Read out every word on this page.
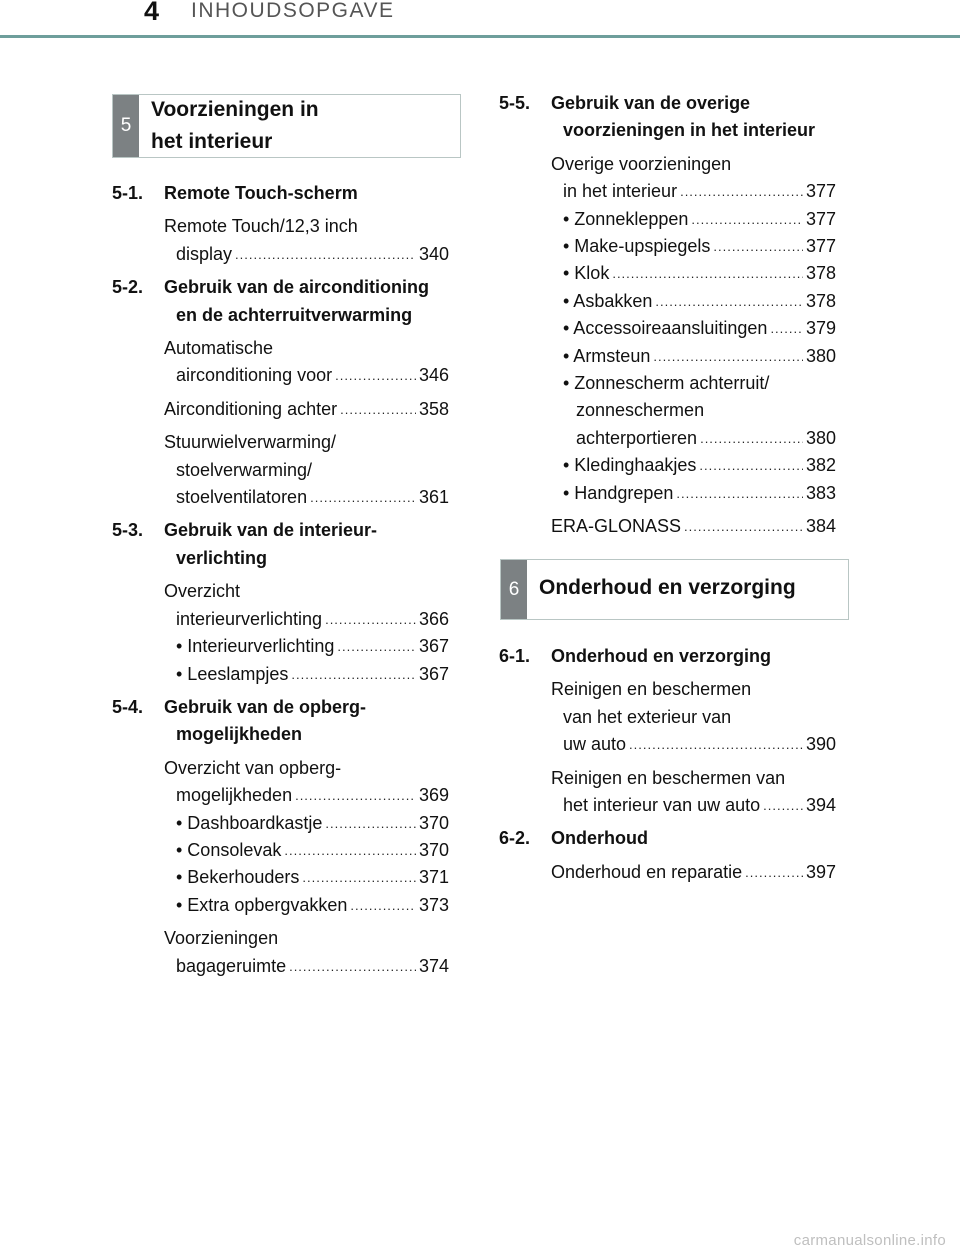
4 INHOUDSOPGAVE
5
Voorzieningen in
het interieur
6 Onderhoud en verzorging
5-1. Remote Touch-scherm
Remote Touch/12,3 inch
display .....	340
5-2. Gebruik van de airconditioning
en de achterruitverwarming
Automatische
airconditioning voor .....	346
Airconditioning achter .....	358
Stuurwielverwarming/
stoelverwarming/
stoelventilatoren .....	361
5-3. Gebruik van de interieur-
verlichting
Overzicht
interieurverlichting .....	366
• Interieurverlichting .....	367
• Leeslampjes .....	367
5-4. Gebruik van de opberg-
mogelijkheden
Overzicht van opberg-
mogelijkheden .....	369
• Dashboardkastje .....	370
• Consolevak .....	370
• Bekerhouders .....	371
• Extra opbergvakken .....	373
Voorzieningen
bagageruimte .....	374
5-5. Gebruik van de overige
voorzieningen in het interieur
Overige voorzieningen
in het interieur .....	377
• Zonnekleppen .....	377
• Make-upspiegels .....	377
• Klok .....	378
• Asbakken .....	378
• Accessoireaansluitingen ..... 379
• Armsteun .....	380
• Zonnescherm achterruit/
zonneschermen
achterportieren .....	380
• Kledinghaakjes .....	382
• Handgrepen .....	383
ERA-GLONASS .....	384
6-1. Onderhoud en verzorging
Reinigen en beschermen
van het exterieur van
uw auto .....	390
Reinigen en beschermen van
het interieur van uw auto .....	394
6-2. Onderhoud
Onderhoud en reparatie .....	397
carmanualsonline.info
